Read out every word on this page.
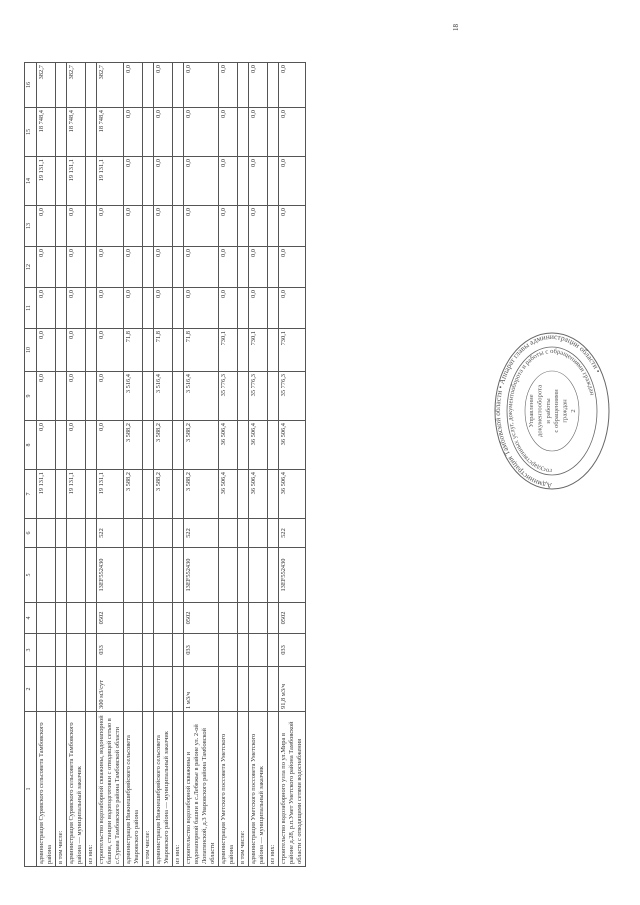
1	2	3	4	5	6	7	8	9	10	11	12	13	14	15	16
администрация Сурявского сельсовета Тамбовского района						19 131,1	0,0	0,0	0,0	0,0	0,0	0,0	19 131,1	18 748,4	382,7
в том числе:															
администрация Сурявского сельсовета Тамбовского района — муниципальный заказчик						19 131,1	0,0	0,0	0,0	0,0	0,0	0,0	19 131,1	18 748,4	382,7
из них:															
строительство водозаборной скважины, водонапорной башни, станции водоподготовки с отводящей сетью в с.Сурава Тамбовского района Тамбовской области	300 м3/сут	033	0502	13ЕF552430	522	19 131,1	0,0	0,0	0,0	0,0	0,0	0,0	19 131,1	18 748,4	382,7
администрация Нижнешибряйского сельсовета Уваровского района						3 588,2	3 588,2	3 516,4	71,8	0,0	0,0	0,0	0,0	0,0	0,0
в том числе:															
администрация Нижнешибряйского сельсовета Уваровского района — муниципальный заказчик						3 588,2	3 588,2	3 516,4	71,8	0,0	0,0	0,0	0,0	0,0	0,0
из них:															
строительство водозаборной скважины и водонапорной башни в с.Лебяжье в районе ул. 2-ой Лопатинской, д.3 Уваровского района Тамбовской области	1 м3/ч	033	0502	13ЕF552430	522	3 588,2	3 588,2	3 516,4	71,8	0,0	0,0	0,0	0,0	0,0	0,0
администрация Уметского поссовета Уметского района						36 506,4	36 506,4	35 776,3	730,1	0,0	0,0	0,0	0,0	0,0	0,0
в том числе:															
администрация Уметского поссовета Уметского района — муниципальный заказчик						36 506,4	36 506,4	35 776,3	730,1	0,0	0,0	0,0	0,0	0,0	0,0
из них:															
строительство водозаборного узла по ул.Мира в районе д.28, р.п.Умет Уметского района Тамбовской области с отводящими сетями водоснабжения	91,8 м3/ч	033	0502	13ЕF552430	522	36 506,4	36 506,4	35 776,3	730,1	0,0	0,0	0,0	0,0	0,0	0,0
18
Администрация Тамбовской области • Аппарат главы администрации области •
государственных услуг, документооборота и работы с обращениями граждан
Управление документооборота и работы с обращениями граждан 2
